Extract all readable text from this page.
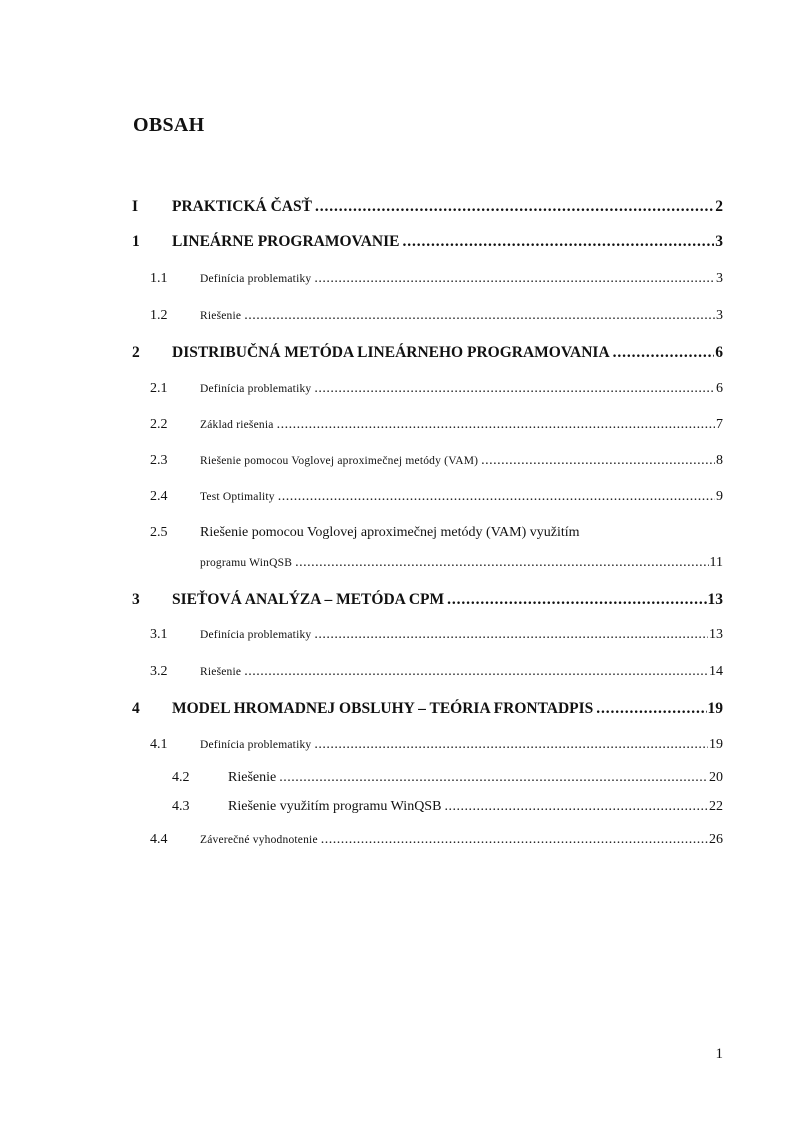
OBSAH
I PRAKTICKÁ ČASŤ . . .	2
1 LINEÁRNE PROGRAMOVANIE . . .	3
1.1	Definícia problematiky . . .	3
1.2	Riešenie . . .	3
2 DISTRIBUČNÁ METÓDA LINEÁRNEHO PROGRAMOVANIA . . .	6
2.1	Definícia problematiky . . .	6
2.2	Základ riešenia . . .	7
2.3	Riešenie pomocou Voglovej aproximečnej metódy (VAM) . . .	8
2.4	Test Optimality . . .	9
2.5 Riešenie pomocou Voglovej aproximečnej metódy (VAM) využitím
programu WinQSB . . .	11
3 SIEŤOVÁ ANALÝZA – METÓDA CPM . . .	13
3.1	Definícia problematiky . . .	13
3.2	Riešenie . . .	14
4 MODEL HROMADNEJ OBSLUHY – TEÓRIA FRONTADPIS . . .	19
4.1	Definícia problematiky . . .	19
4.2	Riešenie . . .	20
4.3	Riešenie využitím programu WinQSB . . .	22
4.4	Záverečné vyhodnotenie . . .	26
1
